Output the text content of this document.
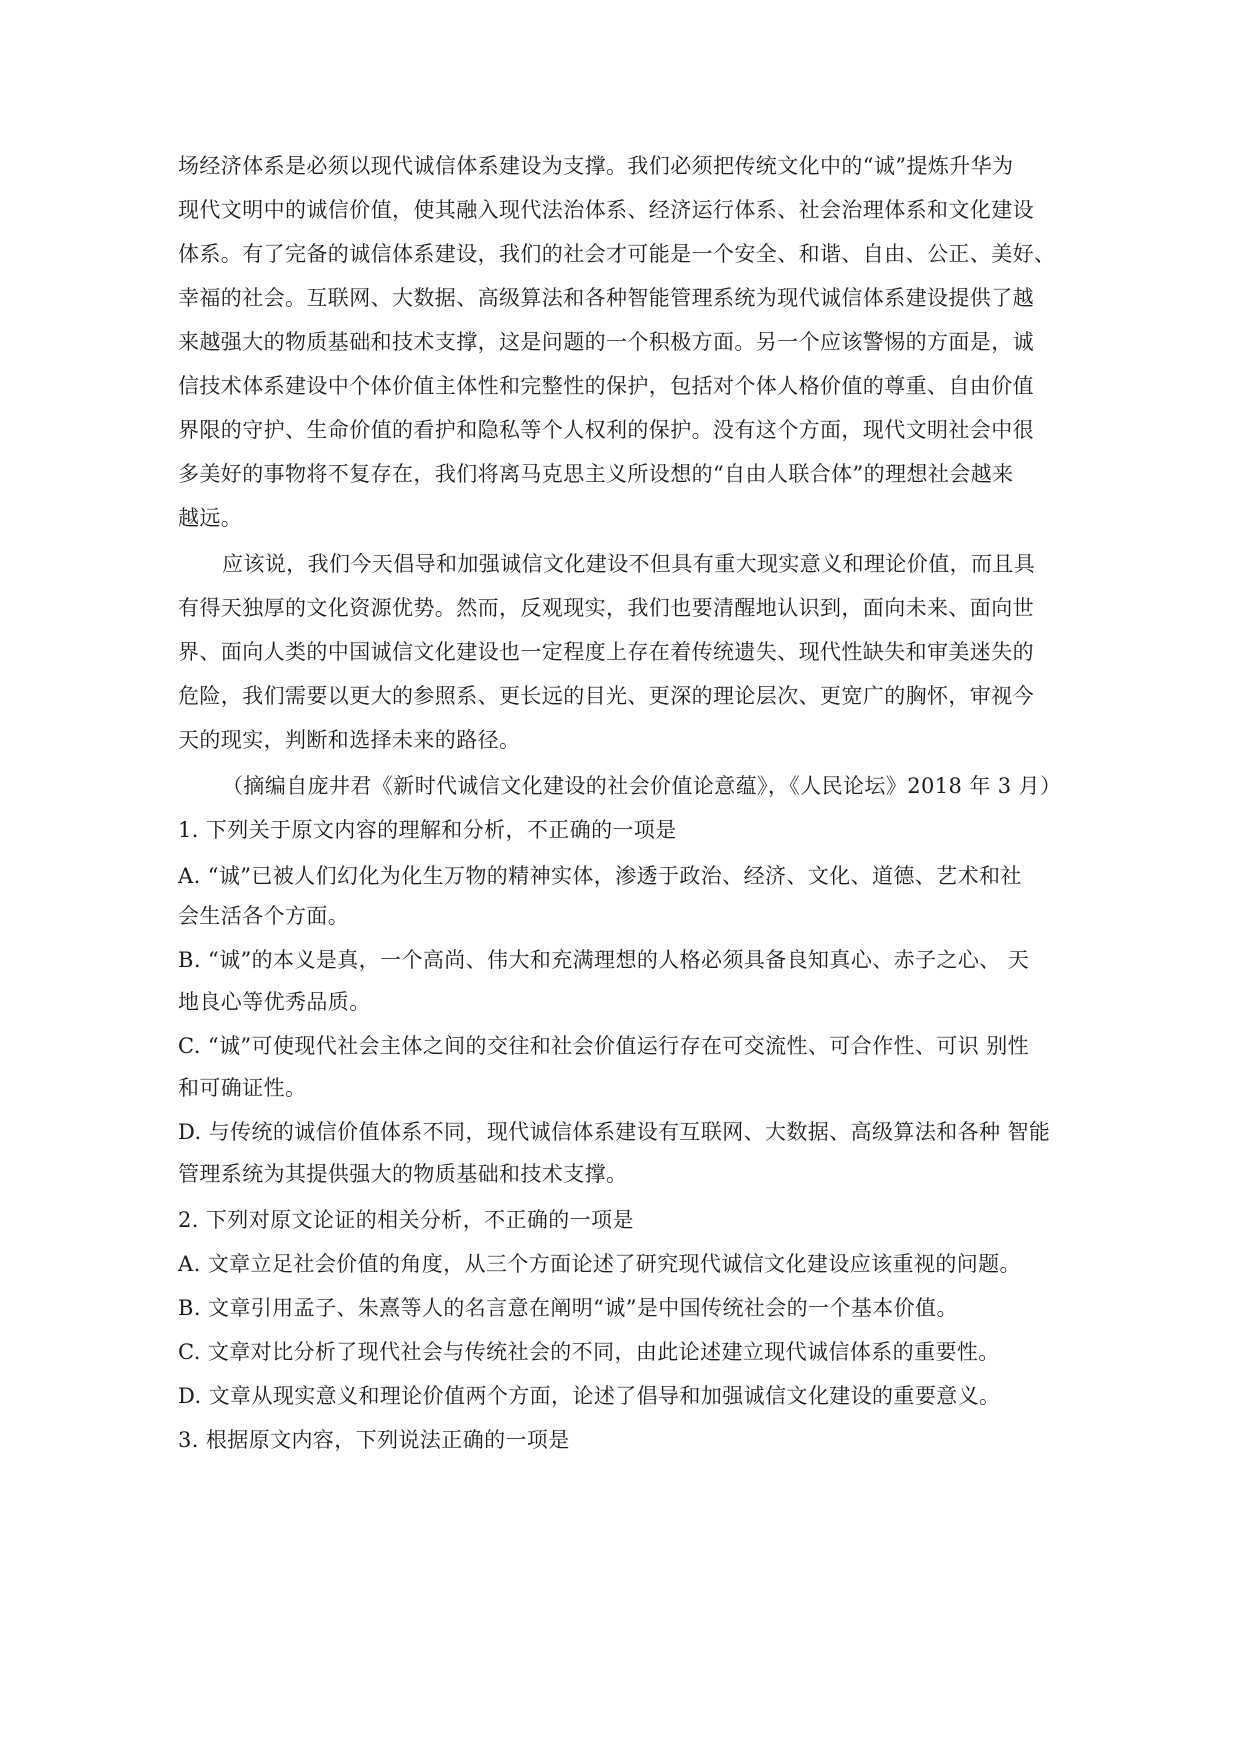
场经济体系是必须以现代诚信体系建设为支撑。我们必须把传统文化中的“诚”提炼升华为
现代文明中的诚信价值，使其融入现代法治体系、经济运行体系、社会治理体系和文化建设
体系。有了完备的诚信体系建设，我们的社会才可能是一个安全、和谐、自由、公正、美好、
幸福的社会。互联网、大数据、高级算法和各种智能管理系统为现代诚信体系建设提供了越
来越强大的物质基础和技术支撑，这是问题的一个积极方面。另一个应该警惕的方面是，诚
信技术体系建设中个体价值主体性和完整性的保护，包括对个体人格价值的尊重、自由价值
界限的守护、生命价值的看护和隐私等个人权利的保护。没有这个方面，现代文明社会中很
多美好的事物将不复存在，我们将离马克思主义所设想的“自由人联合体”的理想社会越来
越远。
应该说，我们今天倡导和加强诚信文化建设不但具有重大现实意义和理论价值，而且具
有得天独厚的文化资源优势。然而，反观现实，我们也要清醒地认识到，面向未来、面向世
界、面向人类的中国诚信文化建设也一定程度上存在着传统遗失、现代性缺失和审美迷失的
危险，我们需要以更大的参照系、更长远的目光、更深的理论层次、更宽广的胸怀，审视今
天的现实，判断和选择未来的路径。
（摘编自庞井君《新时代诚信文化建设的社会价值论意蕴》，《人民论坛》2018 年 3 月）
1. 下列关于原文内容的理解和分析，不正确的一项是
A. “诚”已被人们幻化为化生万物的精神实体，渗透于政治、经济、文化、道德、艺术和社
会生活各个方面。
B. “诚”的本义是真，一个高尚、伟大和充满理想的人格必须具备良知真心、赤子之心、 天
地良心等优秀品质。
C. “诚”可使现代社会主体之间的交往和社会价值运行存在可交流性、可合作性、可识 别性
和可确证性。
D. 与传统的诚信价值体系不同，现代诚信体系建设有互联网、大数据、高级算法和各种 智能
管理系统为其提供强大的物质基础和技术支撑。
2. 下列对原文论证的相关分析，不正确的一项是
A. 文章立足社会价值的角度，从三个方面论述了研究现代诚信文化建设应该重视的问题。
B. 文章引用孟子、朱熹等人的名言意在阐明“诚”是中国传统社会的一个基本价值。
C. 文章对比分析了现代社会与传统社会的不同，由此论述建立现代诚信体系的重要性。
D. 文章从现实意义和理论价值两个方面，论述了倡导和加强诚信文化建设的重要意义。
3. 根据原文内容，下列说法正确的一项是
